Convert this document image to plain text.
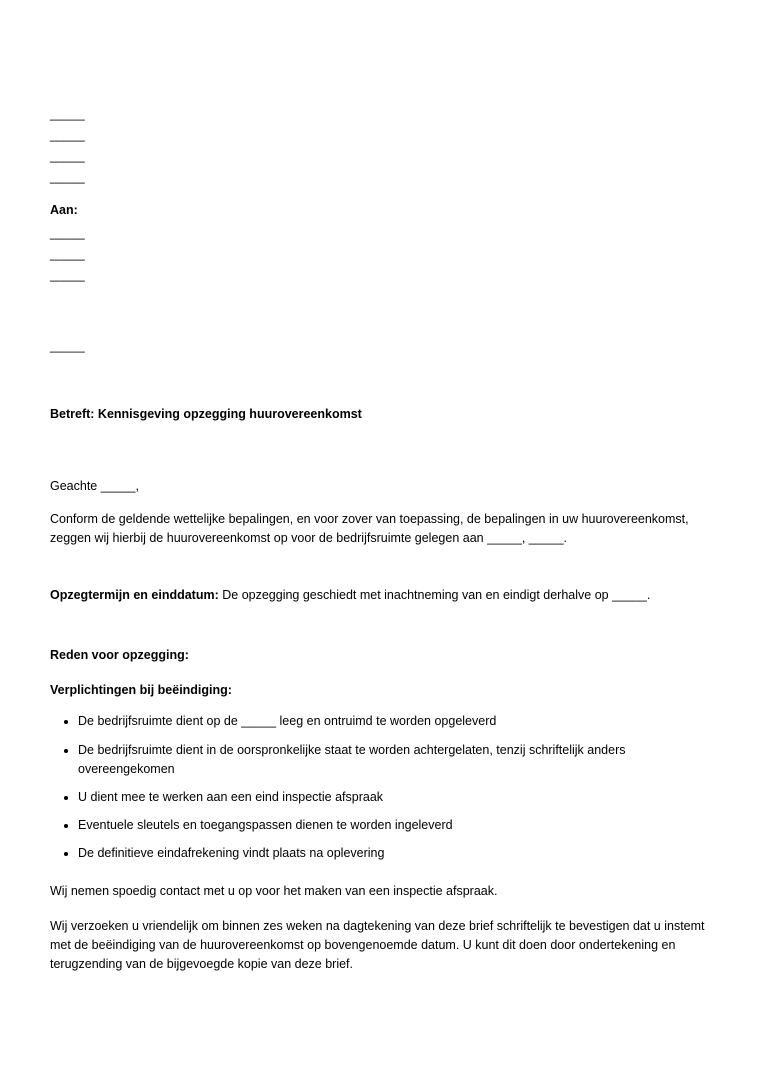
_____
_____
_____
_____
Aan:
_____
_____
_____
_____
Betreft: Kennisgeving opzegging huurovereenkomst
Geachte _____,
Conform de geldende wettelijke bepalingen, en voor zover van toepassing, de bepalingen in uw huurovereenkomst, zeggen wij hierbij de huurovereenkomst op voor de bedrijfsruimte gelegen aan _____, _____.
Opzegtermijn en einddatum: De opzegging geschiedt met inachtneming van en eindigt derhalve op _____.
Reden voor opzegging:
Verplichtingen bij beëindiging:
De bedrijfsruimte dient op de _____ leeg en ontruimd te worden opgeleverd
De bedrijfsruimte dient in de oorspronkelijke staat te worden achtergelaten, tenzij schriftelijk anders overeengekomen
U dient mee te werken aan een eind inspectie afspraak
Eventuele sleutels en toegangspassen dienen te worden ingeleverd
De definitieve eindafrekening vindt plaats na oplevering
Wij nemen spoedig contact met u op voor het maken van een inspectie afspraak.
Wij verzoeken u vriendelijk om binnen zes weken na dagtekening van deze brief schriftelijk te bevestigen dat u instemt met de beëindiging van de huurovereenkomst op bovengenoemde datum. U kunt dit doen door ondertekening en terugzending van de bijgevoegde kopie van deze brief.
